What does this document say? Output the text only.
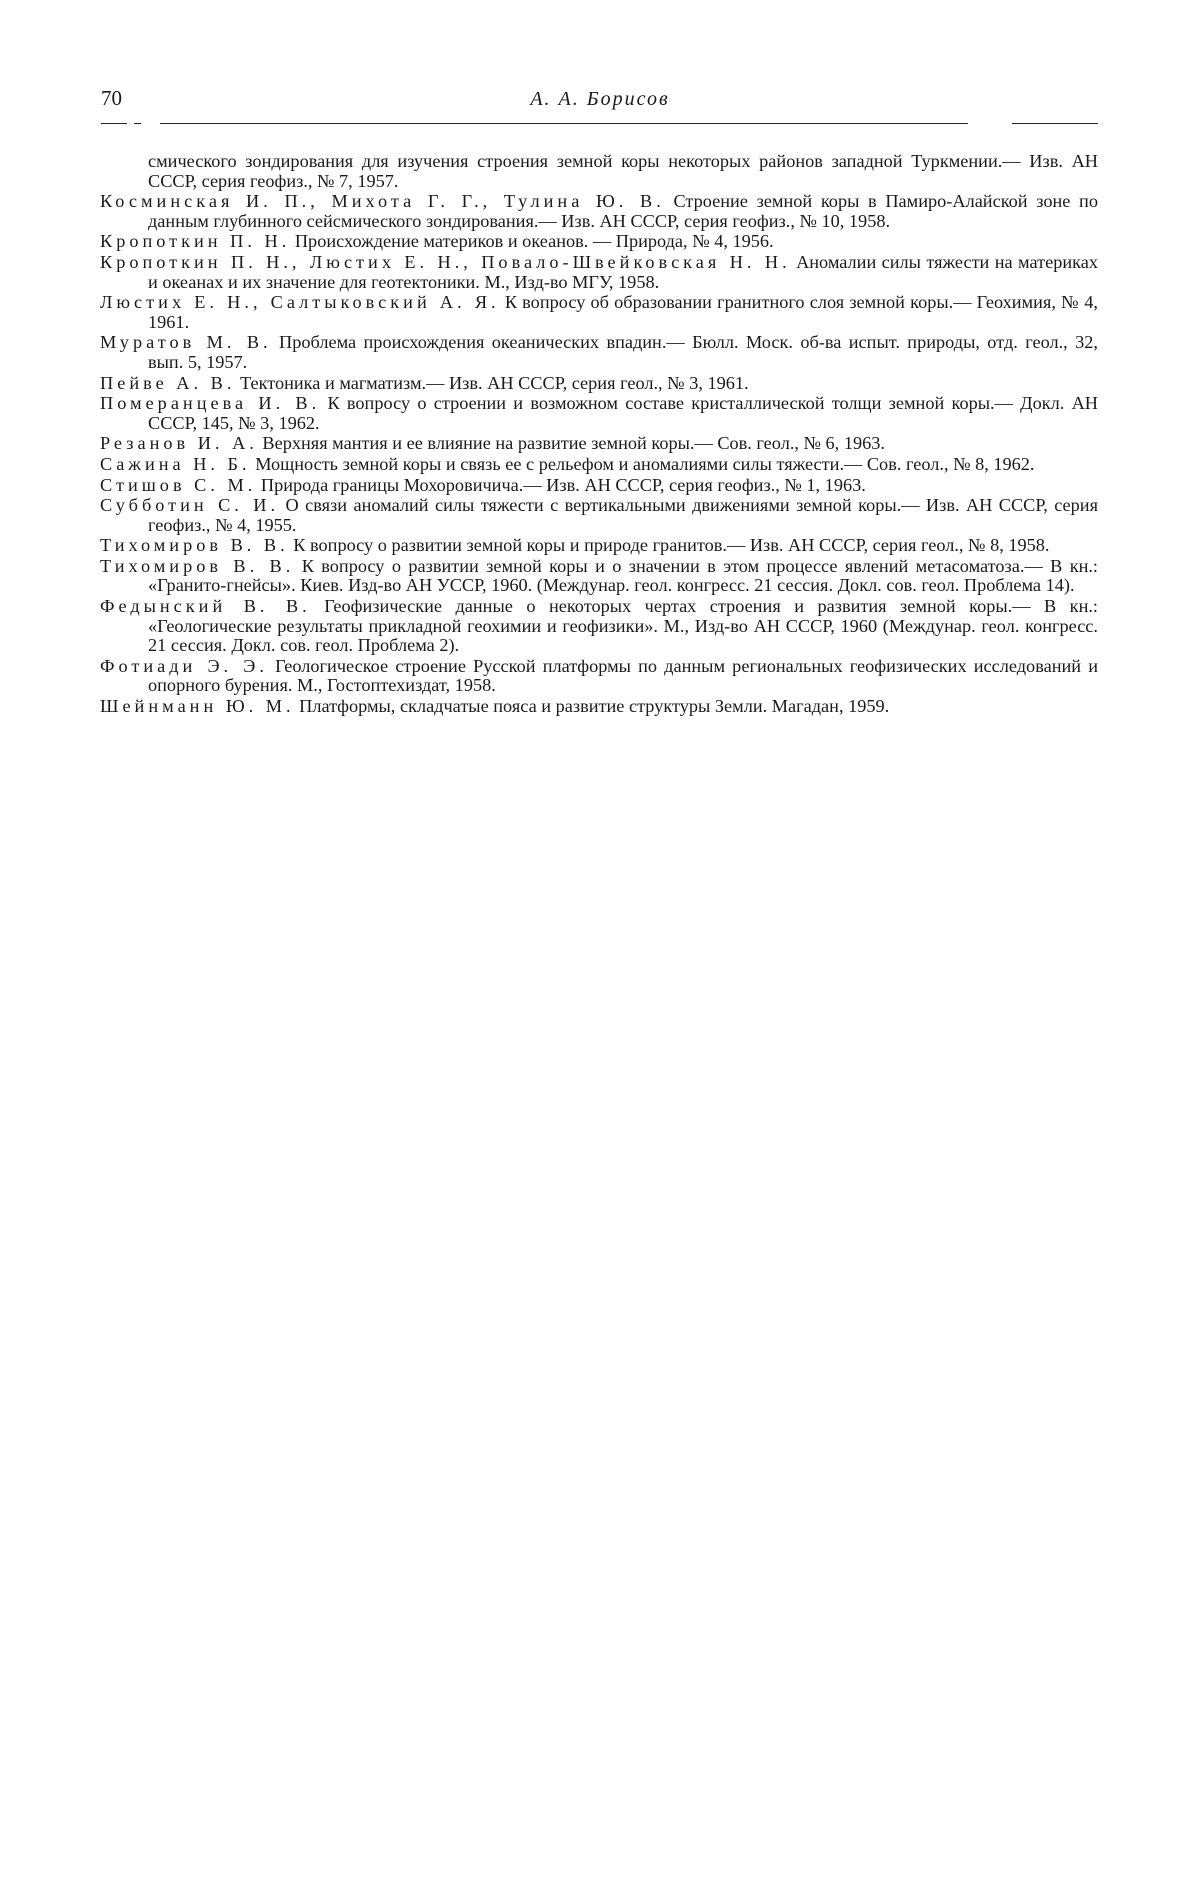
70	А. А. Борисов

смического зондирования для изучения строения земной коры некоторых районов западной Туркмении.— Изв. АН СССР, серия геофиз., № 7, 1957.

Косминская И. П., Михота Г. Г., Тулина Ю. В. Строение земной коры в Памиро-Алайской зоне по данным глубинного сейсмического зондирования.— Изв. АН СССР, серия геофиз., № 10, 1958.

Кропоткин П. Н. Происхождение материков и океанов. — Природа, № 4, 1956.

Кропоткин П. Н., Люстих Е. Н., Повало-Швейковская Н. Н. Аномалии силы тяжести на материках и океанах и их значение для геотектоники. М., Изд-во МГУ, 1958.

Люстих Е. Н., Салтыковский А. Я. К вопросу об образовании гранитного слоя земной коры.— Геохимия, № 4, 1961.

Муратов М. В. Проблема происхождения океанических впадин.— Бюлл. Моск. об-ва испыт. природы, отд. геол., 32, вып. 5, 1957.

Пейве А. В. Тектоника и магматизм.— Изв. АН СССР, серия геол., № 3, 1961.

Померанцева И. В. К вопросу о строении и возможном составе кристаллической толщи земной коры.— Докл. АН СССР, 145, № 3, 1962.

Резанов И. А. Верхняя мантия и ее влияние на развитие земной коры.— Сов. геол., № 6, 1963.

Сажина Н. Б. Мощность земной коры и связь ее с рельефом и аномалиями силы тяжести.— Сов. геол., № 8, 1962.

Стишов С. М. Природа границы Мохоровичича.— Изв. АН СССР, серия геофиз., № 1, 1963.

Субботин С. И. О связи аномалий силы тяжести с вертикальными движениями земной коры.— Изв. АН СССР, серия геофиз., № 4, 1955.

Тихомиров В. В. К вопросу о развитии земной коры и природе гранитов.— Изв. АН СССР, серия геол., № 8, 1958.

Тихомиров В. В. К вопросу о развитии земной коры и о значении в этом процессе явлений метасоматоза.— В кн.: «Гранито-гнейсы». Киев. Изд-во АН УССР, 1960. (Междунар. геол. конгресс. 21 сессия. Докл. сов. геол. Проблема 14).

Федынский В. В. Геофизические данные о некоторых чертах строения и развития земной коры.— В кн.: «Геологические результаты прикладной геохимии и геофизики». М., Изд-во АН СССР, 1960 (Междунар. геол. конгресс. 21 сессия. Докл. сов. геол. Проблема 2).

Фотиади Э. Э. Геологическое строение Русской платформы по данным региональных геофизических исследований и опорного бурения. М., Гостоптехиздат, 1958.

Шейнманн Ю. М. Платформы, складчатые пояса и развитие структуры Земли. Магадан, 1959.
